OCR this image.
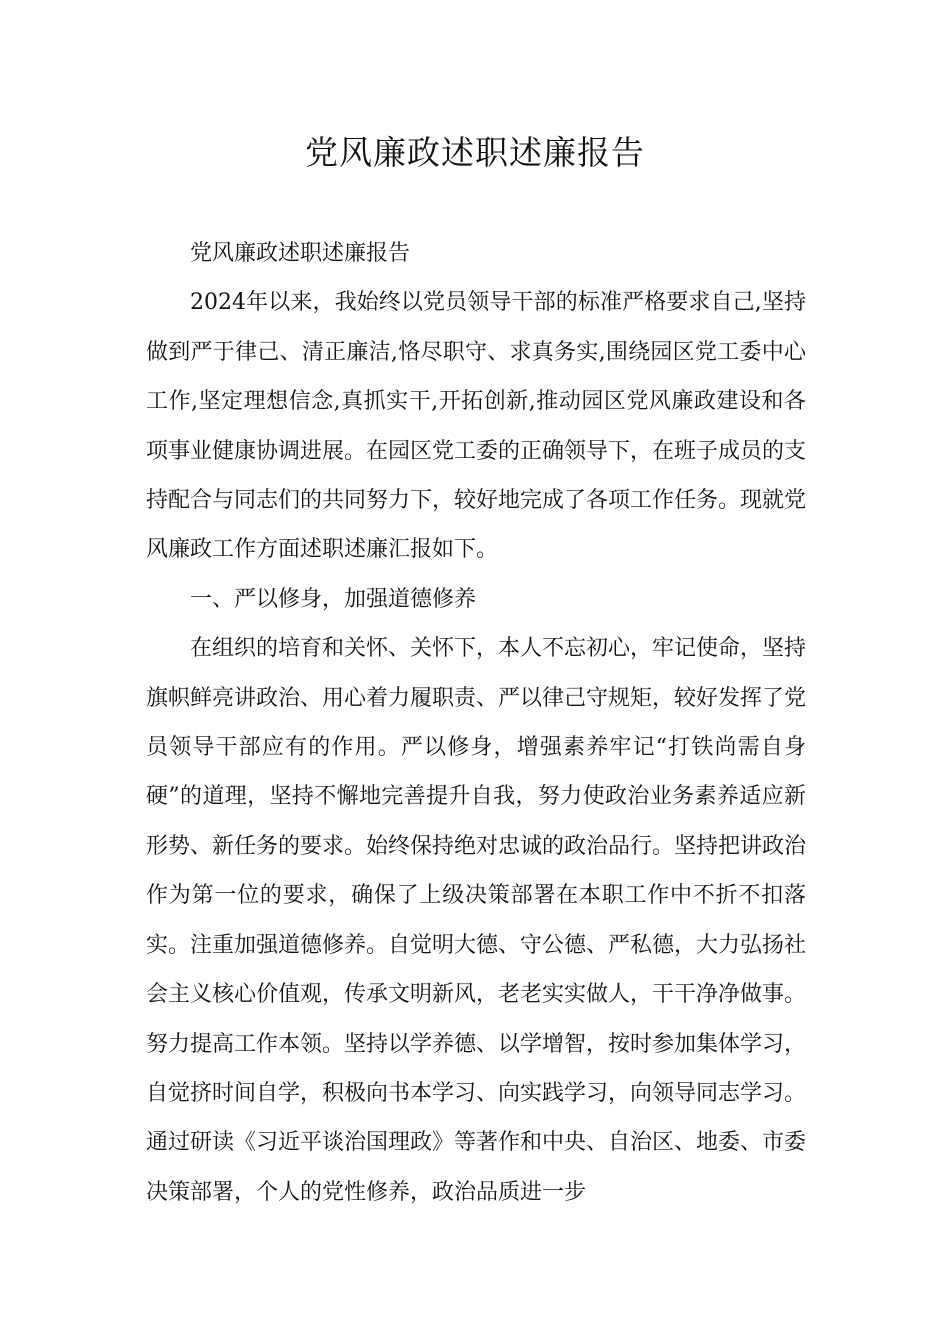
党风廉政述职述廉报告

党风廉政述职述廉报告

2024年以来，我始终以党员领导干部的标准严格要求自己,坚持做到严于律己、清正廉洁,恪尽职守、求真务实,围绕园区党工委中心工作,坚定理想信念,真抓实干,开拓创新,推动园区党风廉政建设和各项事业健康协调进展。在园区党工委的正确领导下，在班子成员的支持配合与同志们的共同努力下，较好地完成了各项工作任务。现就党风廉政工作方面述职述廉汇报如下。

一、严以修身，加强道德修养

在组织的培育和关怀、关怀下，本人不忘初心，牢记使命，坚持旗帜鲜亮讲政治、用心着力履职责、严以律己守规矩，较好发挥了党员领导干部应有的作用。严以修身，增强素养牢记“打铁尚需自身硬”的道理，坚持不懈地完善提升自我，努力使政治业务素养适应新形势、新任务的要求。始终保持绝对忠诚的政治品行。坚持把讲政治作为第一位的要求，确保了上级决策部署在本职工作中不折不扣落实。注重加强道德修养。自觉明大德、守公德、严私德，大力弘扬社会主义核心价值观，传承文明新风，老老实实做人，干干净净做事。努力提高工作本领。坚持以学养德、以学增智，按时参加集体学习，自觉挤时间自学，积极向书本学习、向实践学习，向领导同志学习。通过研读《习近平谈治国理政》等著作和中央、自治区、地委、市委决策部署，个人的党性修养，政治品质进一步
